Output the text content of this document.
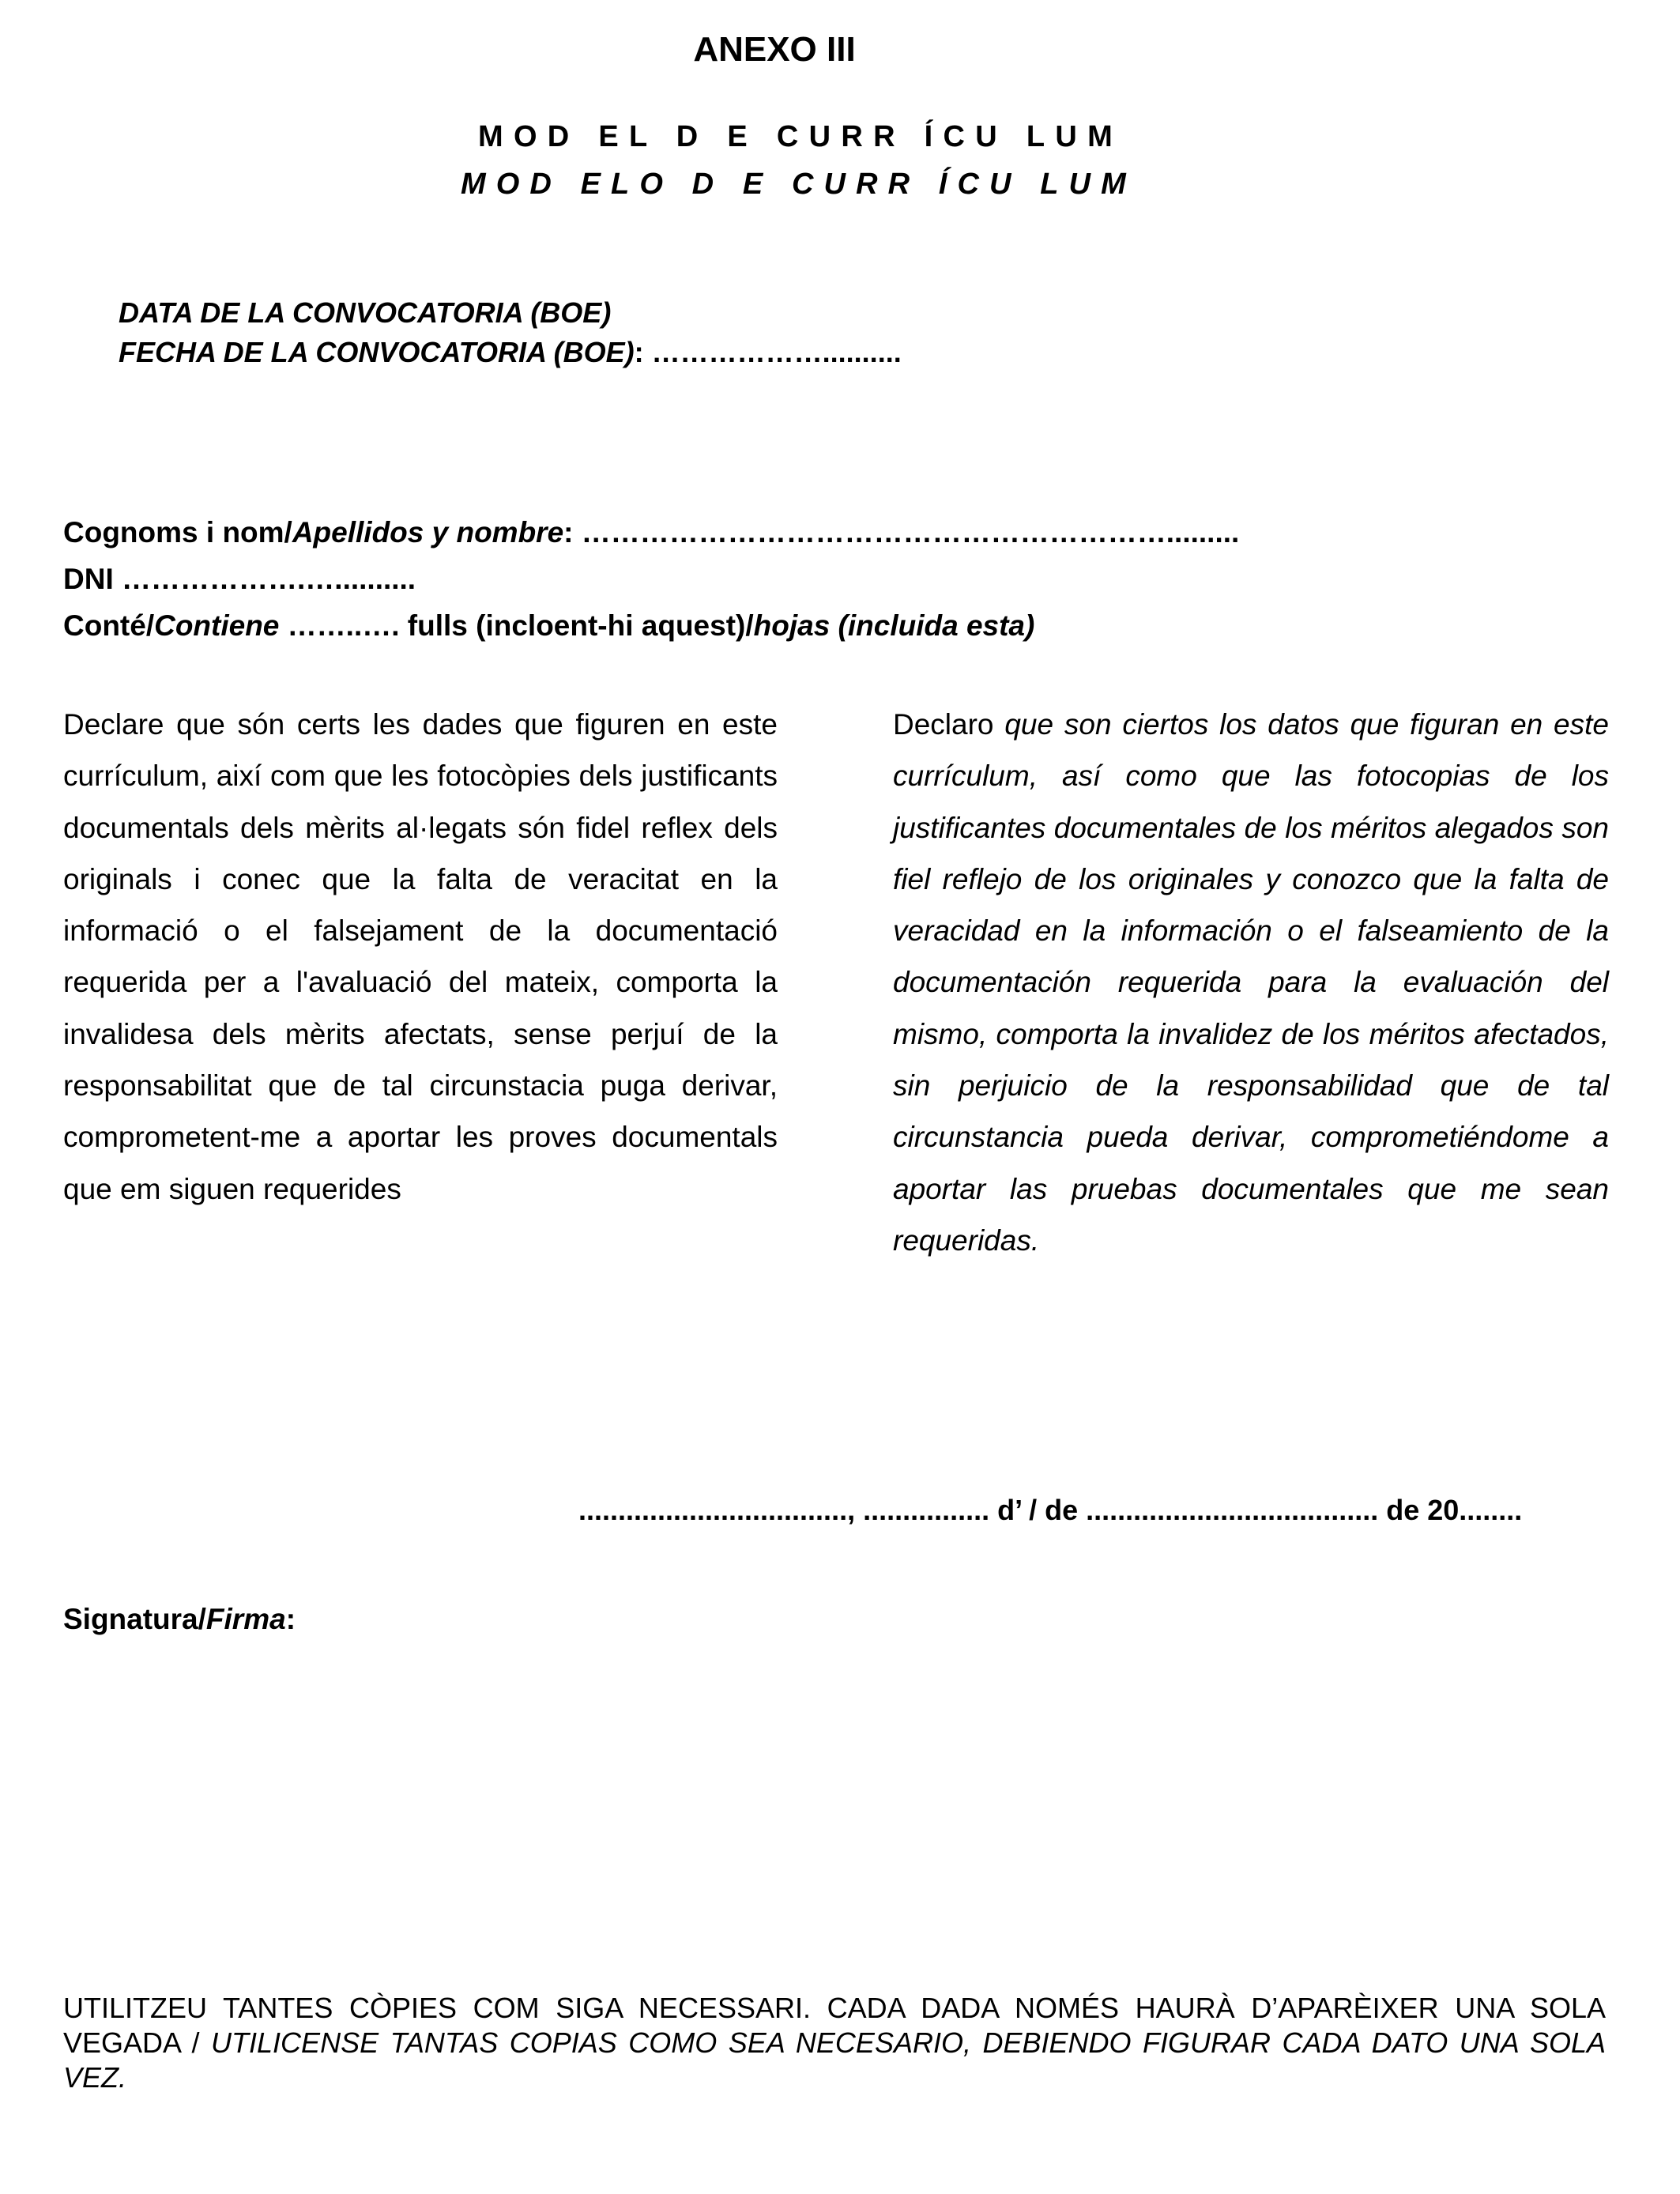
ANEXO III
MOD EL D E CURR ÍCU LUM
MOD ELO D E CURR ÍCU LUM
DATA DE LA CONVOCATORIA (BOE)
FECHA DE LA CONVOCATORIA (BOE): ………………..........
Cognoms i nom/Apellidos y nombre: …………………………………………………….........
DNI ……………….…..........
Conté/Contiene ……..…. fulls (incloent-hi aquest)/hojas (incluida esta)
Declare que són certs les dades que figuren en este currículum, així com que les fotocòpies dels justificants documentals dels mèrits al·legats són fidel reflex dels originals i conec que la falta de veracitat en la informació o el falsejament de la documentació requerida per a l'avaluació del mateix, comporta la invalidesa dels mèrits afectats, sense perjuí de la responsabilitat que de tal circunstacia puga derivar, comprometent-me a aportar les proves documentals que em siguen requerides
Declaro que son ciertos los datos que figuran en este currículum, así como que las fotocopias de los justificantes documentales de los méritos alegados son fiel reflejo de los originales y conozco que la falta de veracidad en la información o el falseamiento de la documentación requerida para la evaluación del mismo, comporta la invalidez de los méritos afectados, sin perjuicio de la responsabilidad que de tal circunstancia pueda derivar, comprometiéndome a aportar las pruebas documentales que me sean requeridas.
.................................., ................ d’ / de ..................................... de 20........
Signatura/Firma:
UTILITZEU TANTES CÒPIES COM SIGA NECESSARI. CADA DADA NOMÉS HAURÀ D’APARÈIXER UNA SOLA VEGADA / UTILICENSE TANTAS COPIAS COMO SEA NECESARIO, DEBIENDO FIGURAR CADA DATO UNA SOLA VEZ.
